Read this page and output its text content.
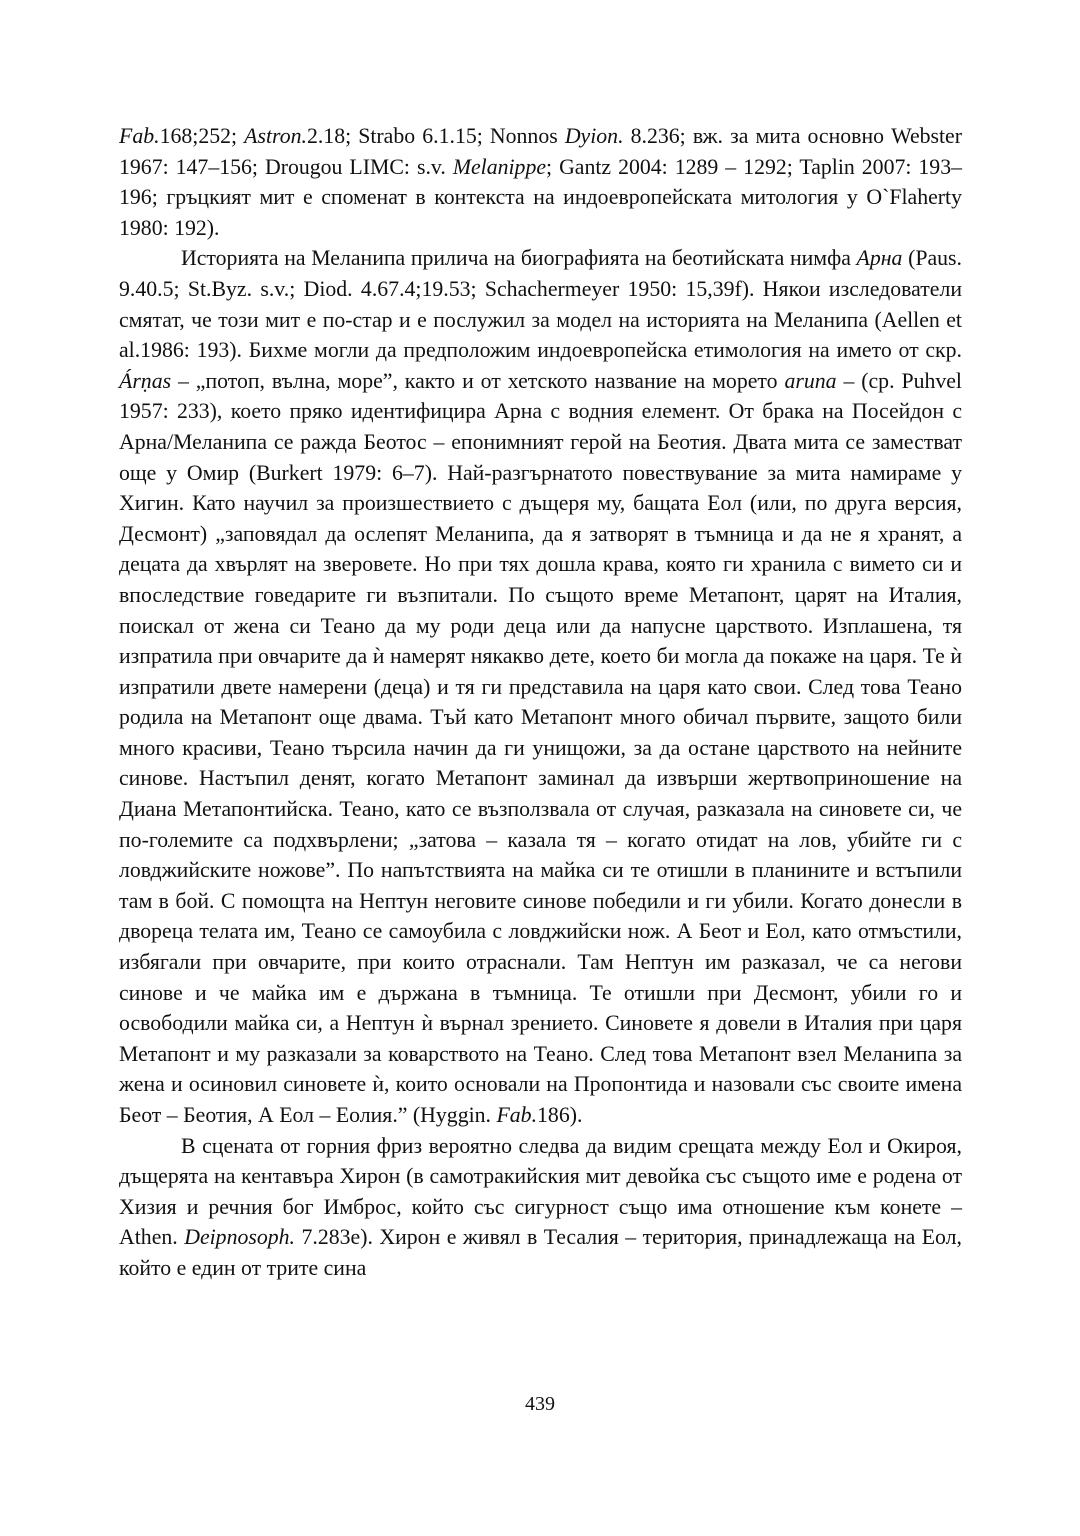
Fab.168;252; Astron.2.18; Strabo 6.1.15; Nonnos Dyion. 8.236; вж. за мита основно Webster 1967: 147–156; Drougou LIMC: s.v. Melanippe; Gantz 2004: 1289 – 1292; Taplin 2007: 193–196; гръцкият мит е споменат в контекста на индоевропейската митология у O`Flaherty 1980: 192).

Историята на Меланипа прилича на биографията на беотийската нимфа Арна (Paus. 9.40.5; St.Byz. s.v.; Diod. 4.67.4;19.53; Schachermeyer 1950: 15,39f). Някои изследователи смятат, че този мит е по-стар и е послужил за модел на историята на Меланипа (Aellen et al.1986: 193). Бихме могли да предположим индоевропейска етимология на името от скр. Árṇas – „потоп, вълна, море”, както и от хетското название на морето aruna – (ср. Puhvel 1957: 233), което пряко идентифицира Арна с водния елемент. От брака на Посейдон с Арна/Меланипа се ражда Беотос – епонимният герой на Беотия. Двата мита се заместват още у Омир (Burkert 1979: 6–7). Най-разгърнатото повествувание за мита намираме у Хигин. Като научил за произшествието с дъщеря му, бащата Еол (или, по друга версия, Десмонт) „заповядал да ослепят Меланипа, да я затворят в тъмница и да не я хранят, а децата да хвърлят на зверовете. Но при тях дошла крава, която ги хранила с вимето си и впоследствие говедарите ги възпитали. По същото време Метапонт, царят на Италия, поискал от жена си Теано да му роди деца или да напусне царството. Изплашена, тя изпратила при овчарите да ѝ намерят някакво дете, което би могла да покаже на царя. Те ѝ изпратили двете намерени (деца) и тя ги представила на царя като свои. След това Теано родила на Метапонт още двама. Тъй като Метапонт много обичал първите, защото били много красиви, Теано търсила начин да ги унищожи, за да остане царството на нейните синове. Настъпил денят, когато Метапонт заминал да извърши жертвоприношение на Диана Метапонтийска. Теано, като се възползвала от случая, разказала на синовете си, че по-големите са подхвърлени; „затова – казала тя – когато отидат на лов, убийте ги с ловджийските ножове”. По напътствията на майка си те отишли в планините и встъпили там в бой. С помощта на Нептун неговите синове победили и ги убили. Когато донесли в двореца телата им, Теано се самоубила с ловджийски нож. А Беот и Еол, като отмъстили, избягали при овчарите, при които отраснали. Там Нептун им разказал, че са негови синове и че майка им е държана в тъмница. Те отишли при Десмонт, убили го и освободили майка си, а Нептун ѝ върнал зрението. Синовете я довели в Италия при царя Метапонт и му разказали за коварството на Теано. След това Метапонт взел Меланипа за жена и осиновил синовете ѝ, които основали на Пропонтида и назовали със своите имена Беот – Беотия, А Еол – Еолия.” (Hyggin. Fab.186).

В сцената от горния фриз вероятно следва да видим срещата между Еол и Окироя, дъщерята на кентавъра Хирон (в самотракийския мит девойка със същото име е родена от Хизия и речния бог Имброс, който със сигурност също има отношение към конете – Athen. Deipnosoph. 7.283e). Хирон е живял в Тесалия – територия, принадлежаща на Еол, който е един от трите сина

439
